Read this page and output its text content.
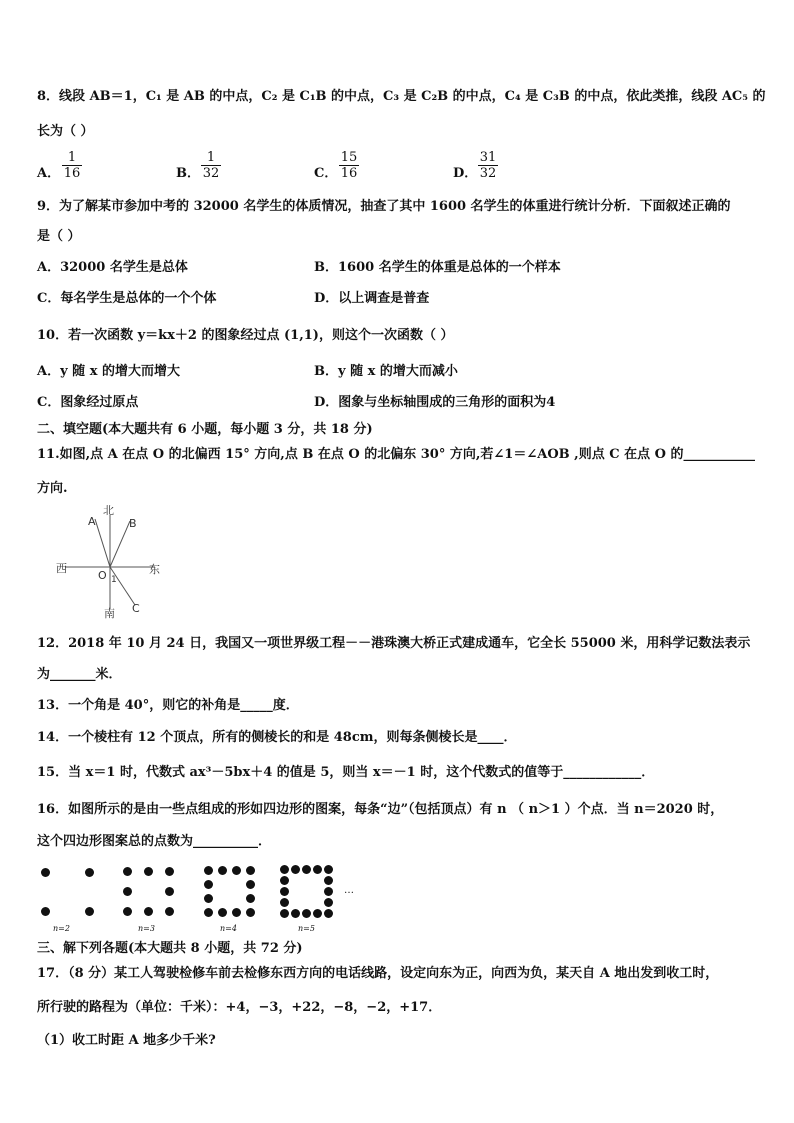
8．线段 AB＝1，C₁ 是 AB 的中点，C₂ 是 C₁B 的中点，C₃ 是 C₂B 的中点，C₄ 是 C₃B 的中点，依此类推，线段 AC₅ 的
长为（ ）
A．
1
16	B．
1
32	C．
15
16	D．
31
32
9．为了解某市参加中考的 32000 名学生的体质情况，抽查了其中 1600 名学生的体重进行统计分析．下面叙述正确的
是（ ）
A．32000 名学生是总体	B．1600 名学生的体重是总体的一个样本
C．每名学生是总体的一个个体	D．以上调查是普查
10．若一次函数 y＝kx＋2 的图象经过点 (1,1)，则这个一次函数（ ）
A．y 随 x 的增大而增大	B．y 随 x 的增大而减小
C．图象经过原点	D．图象与坐标轴围成的三角形的面积为4
二、填空题(本大题共有 6 小题，每小题 3 分，共 18 分)
11.如图,点 A 在点 O 的北偏西 15° 方向,点 B 在点 O 的北偏东 30° 方向,若∠1＝∠AOB ,则点 C 在点 O 的___________
方向.
北
A	B
西	东
O 1
南 C
12．2018 年 10 月 24 日，我国又一项世界级工程－－港珠澳大桥正式建成通车，它全长 55000 米，用科学记数法表示
为_______米．
13．一个角是 40°，则它的补角是_____度．
14．一个棱柱有 12 个顶点，所有的侧棱长的和是 48cm，则每条侧棱长是____．
15．当 x＝1 时，代数式 ax³－5bx＋4 的值是 5，则当 x＝－1 时，这个代数式的值等于____________．
16．如图所示的是由一些点组成的形如四边形的图案，每条“边”（包括顶点）有 n （ n＞1 ）个点．当 n＝2020 时，
这个四边形图案总的点数为__________．
n=2	n=3	n=4	n=5
…
三、解下列各题(本大题共 8 小题，共 72 分)
17．（8 分）某工人驾驶检修车前去检修东西方向的电话线路，设定向东为正，向西为负，某天自 A 地出发到收工时，
所行驶的路程为（单位：千米）：+4，−3，+22，−8，−2，+17．
（1）收工时距 A 地多少千米?
